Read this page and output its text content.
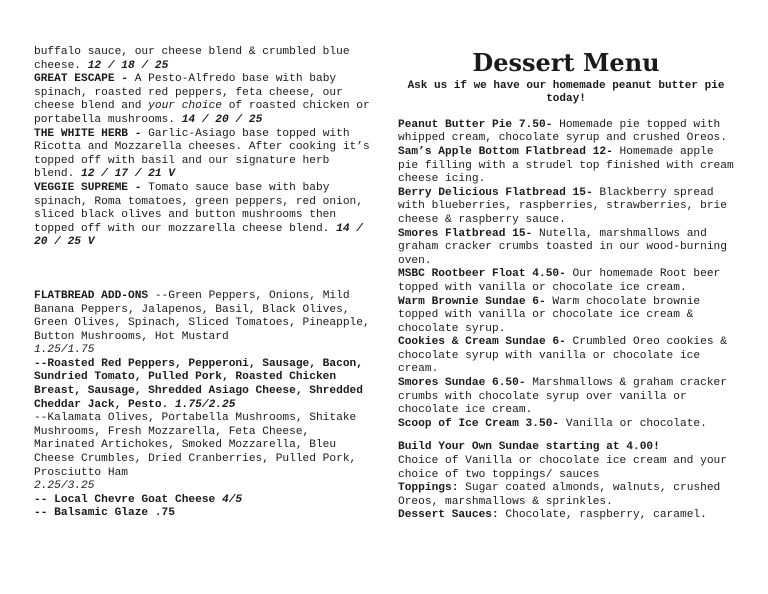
buffalo sauce, our cheese blend & crumbled blue cheese. 12 / 18 / 25

GREAT ESCAPE - A Pesto-Alfredo base with baby spinach, roasted red peppers, feta cheese, our cheese blend and your choice of roasted chicken or portabella mushrooms. 14 / 20 / 25

THE WHITE HERB - Garlic-Asiago base topped with Ricotta and Mozzarella cheeses. After cooking it’s topped off with basil and our signature herb blend. 12 / 17 / 21 V

VEGGIE SUPREME - Tomato sauce base with baby spinach, Roma tomatoes, green peppers, red onion, sliced black olives and button mushrooms then topped off with our mozzarella cheese blend. 14 / 20 / 25 V

FLATBREAD ADD-ONS --Green Peppers, Onions, Mild Banana Peppers, Jalapenos, Basil, Black Olives, Green Olives, Spinach, Sliced Tomatoes, Pineapple, Button Mushrooms, Hot Mustard
1.25/1.75

--Roasted Red Peppers, Pepperoni, Sausage, Bacon, Sundried Tomato, Pulled Pork, Roasted Chicken Breast, Sausage, Shredded Asiago Cheese, Shredded Cheddar Jack, Pesto. 1.75/2.25

--Kalamata Olives, Portabella Mushrooms, Shitake Mushrooms, Fresh Mozzarella, Feta Cheese, Marinated Artichokes, Smoked Mozzarella, Bleu Cheese Crumbles, Dried Cranberries, Pulled Pork, Prosciutto Ham
2.25/3.25

-- Local Chevre Goat Cheese 4/5

-- Balsamic Glaze .75

Dessert Menu
Ask us if we have our homemade peanut butter pie today!

Peanut Butter Pie 7.50- Homemade pie topped with whipped cream, chocolate syrup and crushed Oreos.

Sam’s Apple Bottom Flatbread 12- Homemade apple pie filling with a strudel top finished with cream cheese icing.

Berry Delicious Flatbread 15- Blackberry spread with blueberries, raspberries, strawberries, brie cheese & raspberry sauce.

Smores Flatbread 15- Nutella, marshmallows and graham cracker crumbs toasted in our wood-burning oven.

MSBC Rootbeer Float 4.50- Our homemade Root beer topped with vanilla or chocolate ice cream.

Warm Brownie Sundae 6- Warm chocolate brownie topped with vanilla or chocolate ice cream & chocolate syrup.

Cookies & Cream Sundae 6- Crumbled Oreo cookies & chocolate syrup with vanilla or chocolate ice cream.

Smores Sundae 6.50- Marshmallows & graham cracker crumbs with chocolate syrup over vanilla or chocolate ice cream.

Scoop of Ice Cream 3.50- Vanilla or chocolate.

Build Your Own Sundae starting at 4.00!

Choice of Vanilla or chocolate ice cream and your choice of two toppings/ sauces

Toppings: Sugar coated almonds, walnuts, crushed Oreos, marshmallows & sprinkles.

Dessert Sauces: Chocolate, raspberry, caramel.
